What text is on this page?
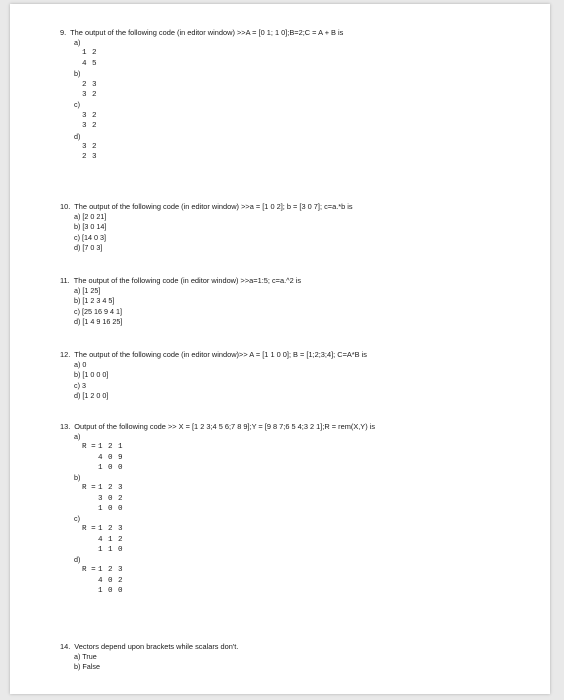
9. The output of the following code (in editor window) >>A = [0 1; 1 0];B=2;C = A + B is
a)
1 2
4 5
b)
2 3
3 2
c)
3 2
3 2
d)
3 2
2 3
10. The output of the following code (in editor window) >>a = [1 0 2]; b = [3 0 7]; c=a.*b is
a) [2 0 21]
b) [3 0 14]
c) [14 0 3]
d) [7 0 3]
11. The output of the following code (in editor window) >>a=1:5; c=a.^2 is
a) [1 25]
b) [1 2 3 4 5]
c) [25 16 9 4 1]
d) [1 4 9 16 25]
12. The output of the following code (in editor window)>> A = [1 1 0 0]; B = [1;2;3;4]; C=A*B is
a) 0
b) [1 0 0 0]
c) 3
d) [1 2 0 0]
13. Output of the following code >> X = [1 2 3;4 5 6;7 8 9];Y = [9 8 7;6 5 4;3 2 1];R = rem(X,Y) is
a)
R = 1 2 1
4 0 9
1 0 0
b)
R = 1 2 3
3 0 2
1 0 0
c)
R = 1 2 3
4 1 2
1 1 0
d)
R = 1 2 3
4 0 2
1 0 0
14. Vectors depend upon brackets while scalars don't.
a) True
b) False
